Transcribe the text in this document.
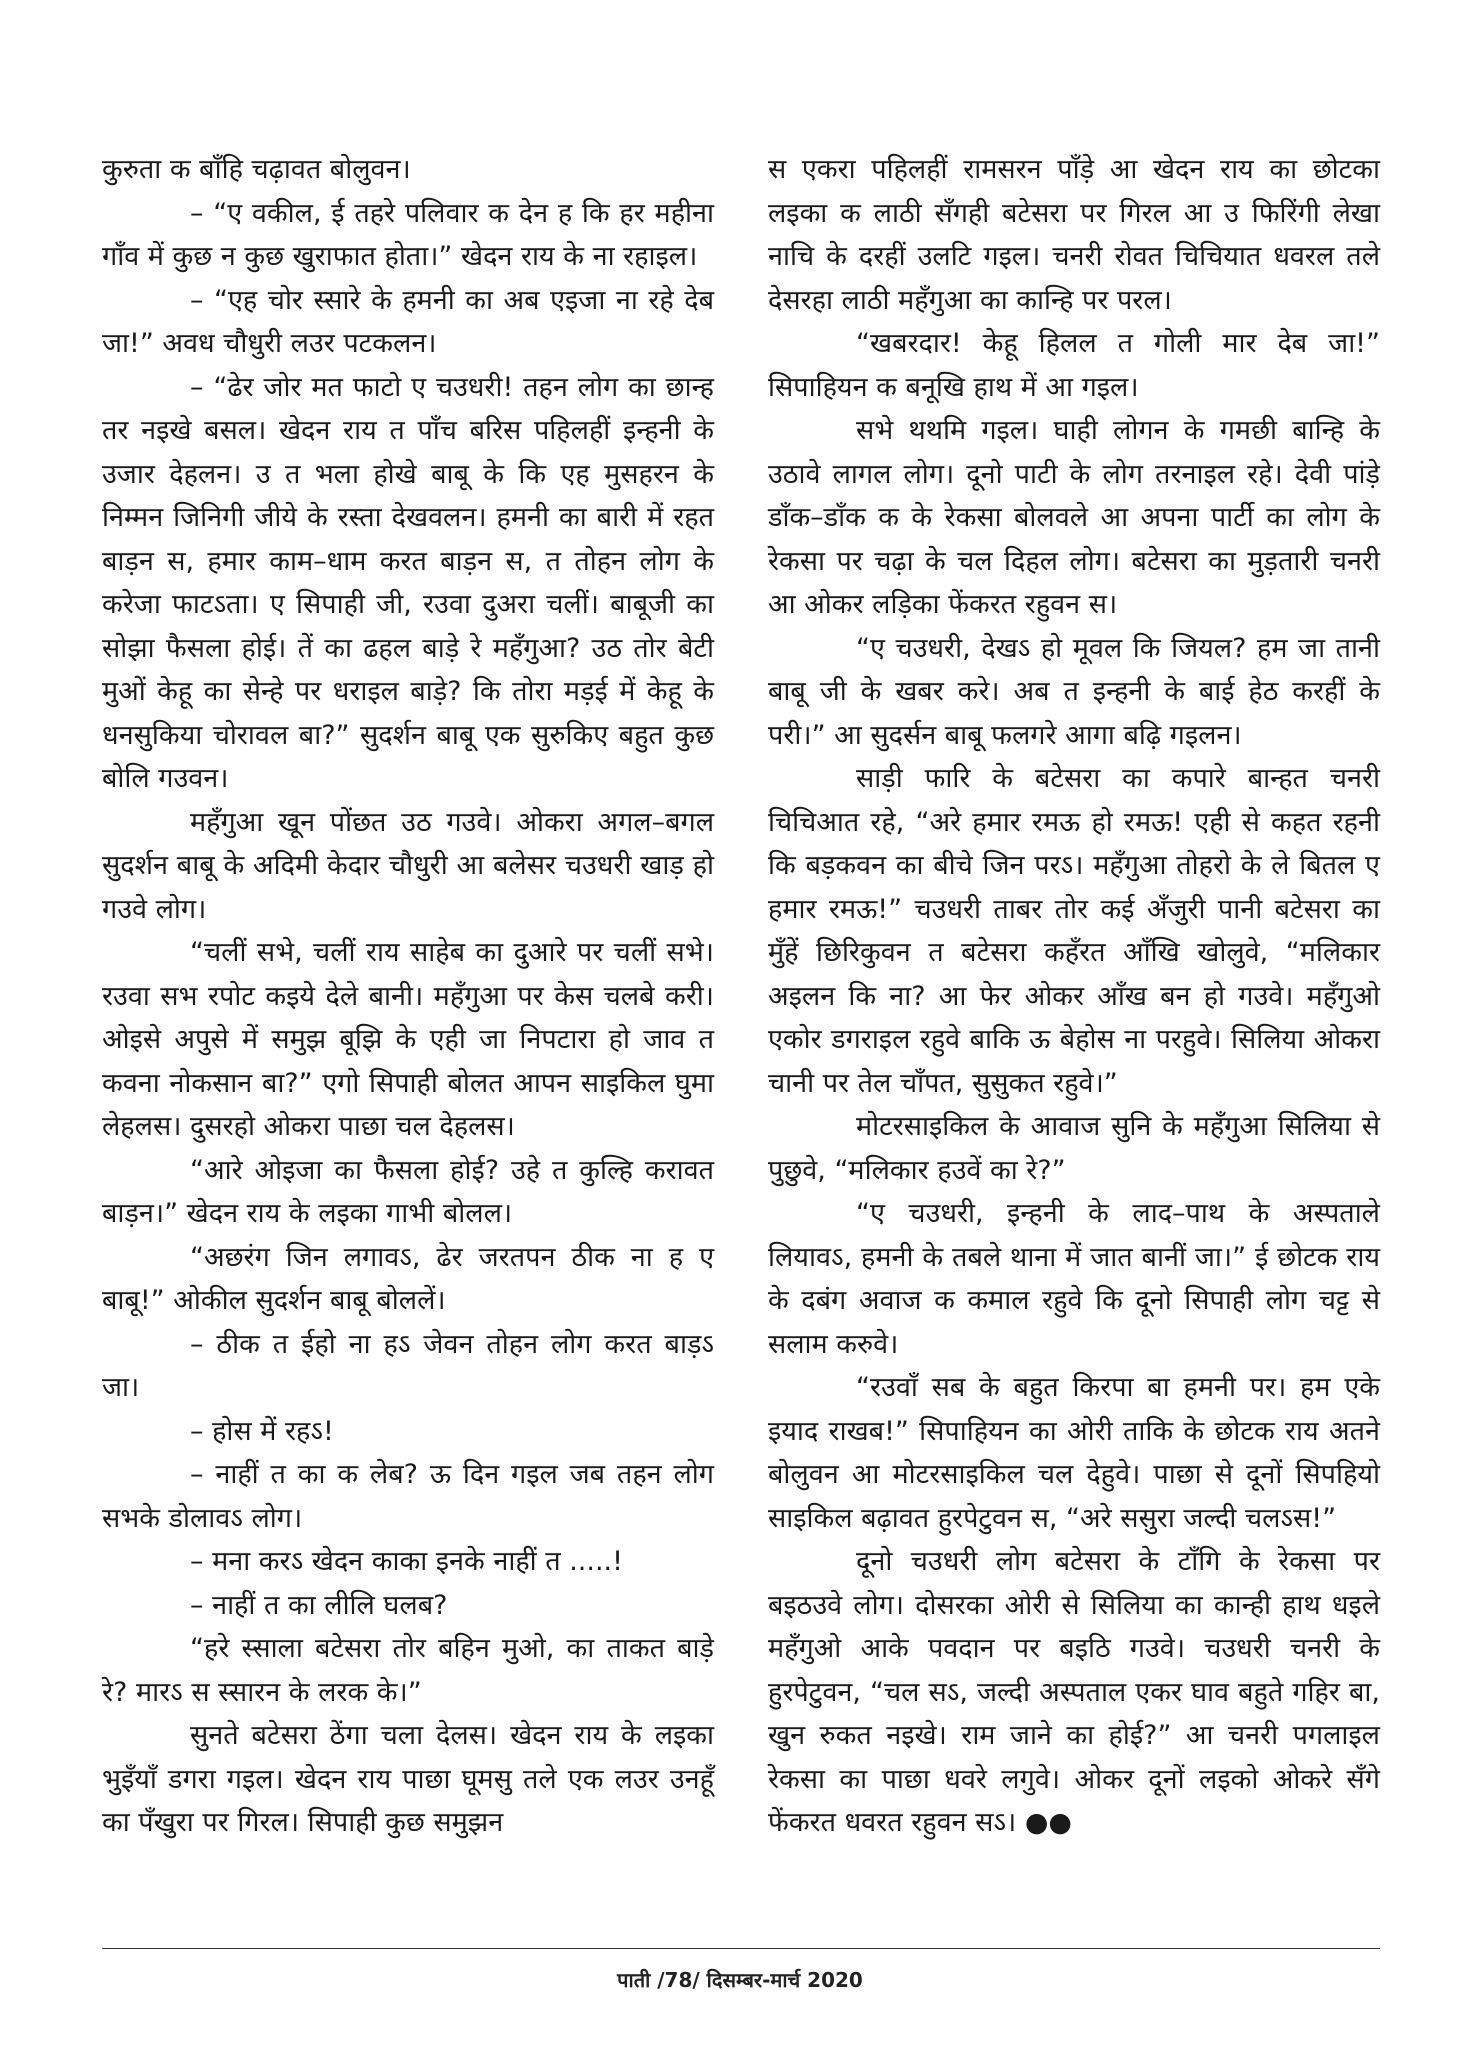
कुरुता क बाँहि चढ़ावत बोलुवन।

– “ए वकील, ई तहरे पलिवार क देन ह कि हर महीना गाँव में कुछ न कुछ खुराफात होता।” खेदन राय के ना रहाइल।

– “एह चोर स्सारे के हमनी का अब एइजा ना रहे देब जा!” अवध चौधुरी लउर पटकलन।

– “ढेर जोर मत फाटो ए चउधरी! तहन लोग का छान्ह तर नइखे बसल। खेदन राय त पाँच बरिस पहिलहीं इन्हनी के उजार देहलन। उ त भला होखे बाबू के कि एह मुसहरन के निम्मन जिनिगी जीये के रस्ता देखवलन। हमनी का बारी में रहत बाड़न स, हमार काम–धाम करत बाड़न स, त तोहन लोग के करेजा फाटऽता। ए सिपाही जी, रउवा दुअरा चलीं। बाबूजी का सोझा फैसला होई। तें का ढहल बाड़े रे महँगुआ? उठ तोर बेटी मुओं केहू का सेन्हे पर धराइल बाड़े? कि तोरा मड़ई में केहू के धनसुकिया चोरावल बा?” सुदर्शन बाबू एक सुरुकिए बहुत कुछ बोलि गउवन।

महँगुआ खून पोंछत उठ गउवे। ओकरा अगल–बगल सुदर्शन बाबू के अदिमी केदार चौधुरी आ बलेसर चउधरी खाड़ हो गउवे लोग।

“चलीं सभे, चलीं राय साहेब का दुआरे पर चलीं सभे। रउवा सभ रपोट कइये देले बानी। महँगुआ पर केस चलबे करी। ओइसे अपुसे में समुझ बूझि के एही जा निपटारा हो जाव त कवना नोकसान बा?” एगो सिपाही बोलत आपन साइकिल घुमा लेहलस। दुसरहो ओकरा पाछा चल देहलस।

“आरे ओइजा का फैसला होई? उहे त कुल्हि करावत बाड़न।” खेदन राय के लइका गाभी बोलल।

“अछरंग जिन लगावऽ, ढेर जरतपन ठीक ना ह ए बाबू!” ओकील सुदर्शन बाबू बोललें।

– ठीक त ईहो ना हऽ जेवन तोहन लोग करत बाड़ऽ जा।

– होस में रहऽ!

– नाहीं त का क लेब? ऊ दिन गइल जब तहन लोग सभके डोलावऽ लोग।

– मना करऽ खेदन काका इनके नाहीं त .....!

– नाहीं त का लीलि घलब?

“हरे स्साला बटेसरा तोर बहिन मुओ, का ताकत बाड़े रे? मारऽ स स्सारन के लरक के।”

सुनते बटेसरा ठेंगा चला देलस। खेदन राय के लइका भुइँयाँ डगरा गइल। खेदन राय पाछा घूमसु तले एक लउर उनहूँ का पँखुरा पर गिरल। सिपाही कुछ समुझन

स एकरा पहिलहीं रामसरन पाँड़े आ खेदन राय का छोटका लइका क लाठी सँगही बटेसरा पर गिरल आ उ फिरिंगी लेखा नाचि के दरहीं उलटि गइल। चनरी रोवत चिचियात धवरल तले देसरहा लाठी महँगुआ का कान्हि पर परल।

“खबरदार! केहू हिलल त गोली मार देब जा!” सिपाहियन क बनूखि हाथ में आ गइल।

सभे थथमि गइल। घाही लोगन के गमछी बान्हि के उठावे लागल लोग। दूनो पाटी के लोग तरनाइल रहे। देवी पांड़े डाँक–डाँक क के रेकसा बोलवले आ अपना पार्टी का लोग के रेकसा पर चढ़ा के चल दिहल लोग। बटेसरा का मुड़तारी चनरी आ ओकर लड़िका फेंकरत रहुवन स।

“ए चउधरी, देखऽ हो मूवल कि जियल? हम जा तानी बाबू जी के खबर करे। अब त इन्हनी के बाई हेठ करहीं के परी।” आ सुदर्सन बाबू फलगरे आगा बढ़ि गइलन।

साड़ी फारि के बटेसरा का कपारे बान्हत चनरी चिचिआत रहे, “अरे हमार रमऊ हो रमऊ! एही से कहत रहनी कि बड़कवन का बीचे जिन परऽ। महँगुआ तोहरो के ले बितल ए हमार रमऊ!” चउधरी ताबर तोर कई अँजुरी पानी बटेसरा का मुँहें छिरिकुवन त बटेसरा कहँरत आँखि खोलुवे, “मलिकार अइलन कि ना? आ फेर ओकर आँख बन हो गउवे। महँगुओ एकोर डगराइल रहुवे बाकि ऊ बेहोस ना परहुवे। सिलिया ओकरा चानी पर तेल चाँपत, सुसुकत रहुवे।”

मोटरसाइकिल के आवाज सुनि के महँगुआ सिलिया से पुछुवे, “मलिकार हउवें का रे?”

“ए चउधरी, इन्हनी के लाद–पाथ के अस्पताले लियावऽ, हमनी के तबले थाना में जात बानीं जा।” ई छोटक राय के दबंग अवाज क कमाल रहुवे कि दूनो सिपाही लोग चट्ट से सलाम करुवे।

“रउवाँ सब के बहुत किरपा बा हमनी पर। हम एके इयाद राखब!” सिपाहियन का ओरी ताकि के छोटक राय अतने बोलुवन आ मोटरसाइकिल चल देहुवे। पाछा से दूनों सिपहियो साइकिल बढ़ावत हुरपेटुवन स, “अरे ससुरा जल्दी चलऽस!”

दूनो चउधरी लोग बटेसरा के टाँगि के रेकसा पर बइठउवे लोग। दोसरका ओरी से सिलिया का कान्ही हाथ धइले महँगुओ आके पवदान पर बइठि गउवे। चउधरी चनरी के हुरपेटुवन, “चल सऽ, जल्दी अस्पताल एकर घाव बहुते गहिर बा, खुन रुकत नइखे। राम जाने का होई?” आ चनरी पगलाइल रेकसा का पाछा धवरे लगुवे। ओकर दूनों लइको ओकरे सँगे फेंकरत धवरत रहुवन सऽ। ●●

पाती /78/ दिसम्बर-मार्च 2020
